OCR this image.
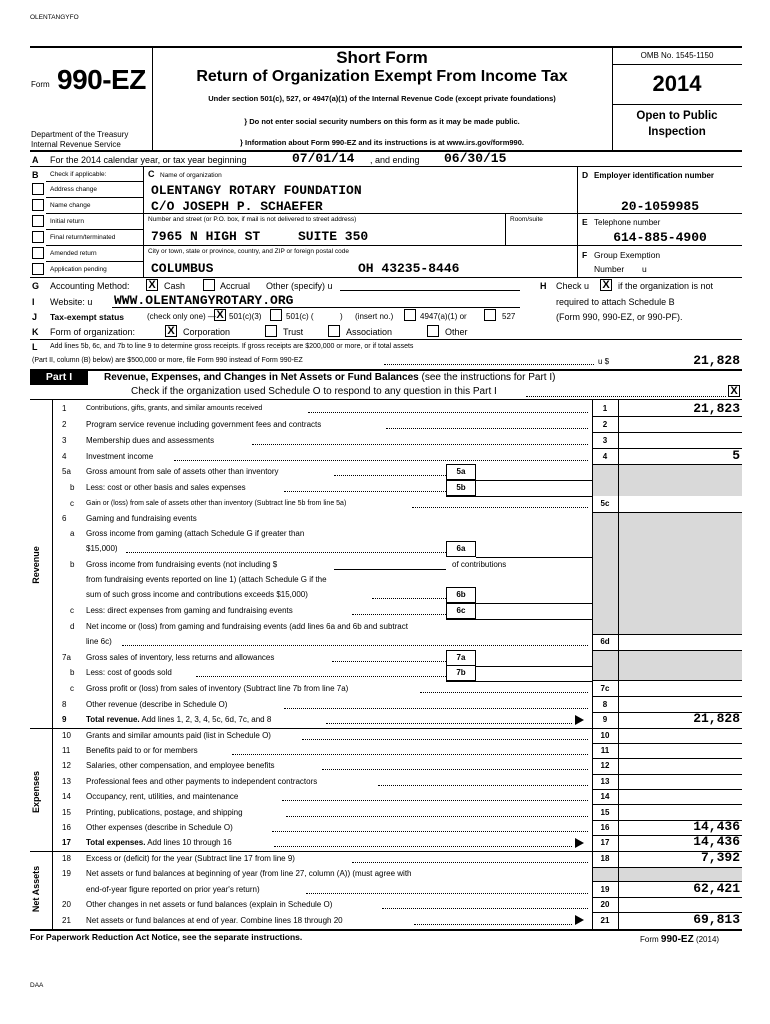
OLENTANGYFO
Form 990-EZ
Short Form
Return of Organization Exempt From Income Tax
Under section 501(c), 527, or 4947(a)(1) of the Internal Revenue Code (except private foundations)
} Do not enter social security numbers on this form as it may be made public.
} Information about Form 990-EZ and its instructions is at www.irs.gov/form990.
Department of the Treasury
Internal Revenue Service
OMB No. 1545-1150
2014
Open to Public
Inspection
A For the 2014 calendar year, or tax year beginning	07/01/14 , and ending 06/30/15
B Check if applicable:
Address change
Name change
Initial return
Final return/terminated
Amended return
Application pending
C Name of organization
OLENTANGY ROTARY FOUNDATION
C/O JOSEPH P. SCHAEFER
Number and street (or P.O. box, if mail is not delivered to street address)	Room/suite
7965 N HIGH ST	SUITE 350
City or town, state or province, country, and ZIP or foreign postal code
COLUMBUS	OH 43235-8446
D Employer identification number
20-1059985
E Telephone number
614-885-4900
F Group Exemption
Number u
G Accounting Method: X Cash	Accrual Other (specify) u	H Check u X if the organization is not
required to attach Schedule B
(Form 990, 990-EZ, or 990-PF).
I Website: u WWW.OLENTANGYROTARY.ORG
J Tax-exempt status	(check only one) — X 501(c)(3)	501(c) (	) (insert no.)	4947(a)(1) or	527
K Form of organization:	X Corporation	Trust	Association	Other
L Add lines 5b, 6c, and 7b to line 9 to determine gross receipts. If gross receipts are $200,000 or more, or if total assets
(Part II, column (B) below) are $500,000 or more, file Form 990 instead of Form 990-EZ	u $	21,828
Part I	Revenue, Expenses, and Changes in Net Assets or Fund Balances (see the instructions for Part I)
Check if the organization used Schedule O to respond to any question in this Part I	X
Revenue
Expenses
Net Assets
1	Contributions, gifts, grants, and similar amounts received	1	21,823
2 Program service revenue including government fees and contracts	2
3 Membership dues and assessments	3
4 Investment income	4	5
5a Gross amount from sale of assets other than inventory	5a
b Less: cost or other basis and sales expenses	5b
c Gain or (loss) from sale of assets other than inventory (Subtract line 5b from line 5a)	5c
6 Gaming and fundraising events
a Gross income from gaming (attach Schedule G if greater than
$15,000)	6a
b Gross income from fundraising events (not including $	of contributions
from fundraising events reported on line 1) (attach Schedule G if the
sum of such gross income and contributions exceeds $15,000)	6b
c Less: direct expenses from gaming and fundraising events	6c
d Net income or (loss) from gaming and fundraising events (add lines 6a and 6b and subtract
line 6c)	6d
7a Gross sales of inventory, less returns and allowances	7a
b Less: cost of goods sold	7b
c Gross profit or (loss) from sales of inventory (Subtract line 7b from line 7a)	7c
8 Other revenue (describe in Schedule O)	8
9 Total revenue. Add lines 1, 2, 3, 4, 5c, 6d, 7c, and 8	9	21,828
10 Grants and similar amounts paid (list in Schedule O)	10
11 Benefits paid to or for members	11
12 Salaries, other compensation, and employee benefits	12
13 Professional fees and other payments to independent contractors	13
14 Occupancy, rent, utilities, and maintenance	14
15 Printing, publications, postage, and shipping	15
16 Other expenses (describe in Schedule O)	16	14,436
17 Total expenses. Add lines 10 through 16	17	14,436
18 Excess or (deficit) for the year (Subtract line 17 from line 9)	18	7,392
19 Net assets or fund balances at beginning of year (from line 27, column (A)) (must agree with
end-of-year figure reported on prior year's return)	19	62,421
20 Other changes in net assets or fund balances (explain in Schedule O)	20
21 Net assets or fund balances at end of year. Combine lines 18 through 20	21	69,813
For Paperwork Reduction Act Notice, see the separate instructions.	Form 990-EZ (2014)
DAA
